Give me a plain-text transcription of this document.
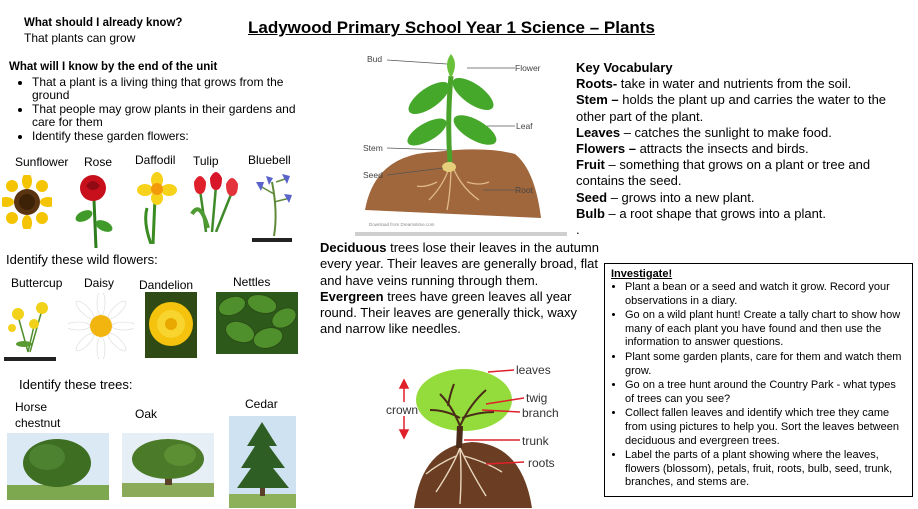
Ladywood Primary School Year 1 Science – Plants
What should I already know?
That plants can grow
What will I know by the end of the unit
• That a plant is a living thing that grows from the ground
• That people may grow plants in their gardens and care for them
• Identify these garden flowers:
Sunflower Rose Daffodil Tulip Bluebell
Identify these wild flowers:
Buttercup Daisy Dandelion	Nettles
Identify these trees:
Horse chestnut
Oak
Cedar
Bud
Flower
Leaf
Stem
Seed
Root
Download from Dreamstime.com
Deciduous trees lose their leaves in the autumn every year. Their leaves are generally broad, flat and have veins running through them.
Evergreen trees have green leaves all year round. Their leaves are generally thick, waxy and narrow like needles.
crown
leaves
twig
branch
trunk
roots
Key Vocabulary
Roots- take in water and nutrients from the soil.
Stem – holds the plant up and carries the water to the other part of the plant.
Leaves – catches the sunlight to make food.
Flowers – attracts the insects and birds.
Fruit – something that grows on a plant or tree and contains the seed.
Seed – grows into a new plant.
Bulb – a root shape that grows into a plant.
.
Investigate!
• Plant a bean or a seed and watch it grow. Record your observations in a diary.
• Go on a wild plant hunt! Create a tally chart to show how many of each plant you have found and then use the information to answer questions.
• Plant some garden plants, care for them and watch them grow.
• Go on a tree hunt around the Country Park - what types of trees can you see?
• Collect fallen leaves and identify which tree they came from using pictures to help you. Sort the leaves between deciduous and evergreen trees.
• Label the parts of a plant showing where the leaves, flowers (blossom), petals, fruit, roots, bulb, seed, trunk, branches, and stems are.
